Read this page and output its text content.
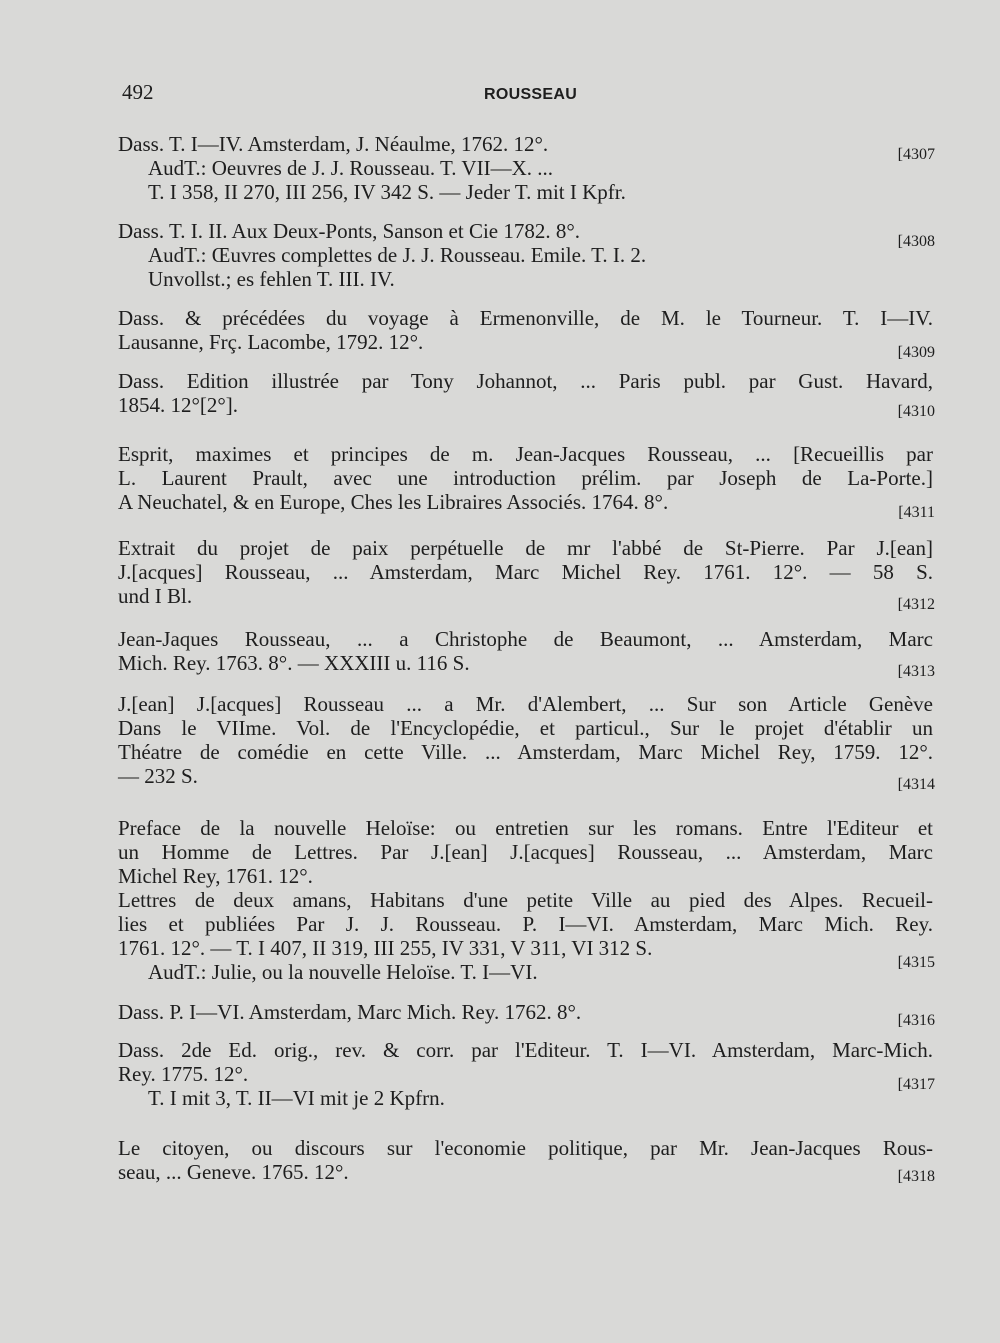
492	ROUSSEAU
Dass. T. I—IV. Amsterdam, J. Néaulme, 1762. 12°.
AudT.: Oeuvres de J. J. Rousseau. T. VII—X. ...
T. I 358, II 270, III 256, IV 342 S. — Jeder T. mit I Kpfr.
[4307
Dass. T. I. II. Aux Deux-Ponts, Sanson et Cie 1782. 8°.
AudT.: Œuvres complettes de J. J. Rousseau. Emile. T. I. 2.
Unvollst.; es fehlen T. III. IV.
[4308
Dass. & précédées du voyage à Ermenonville, de M. le Tourneur. T. I—IV.
Lausanne, Frç. Lacombe, 1792. 12°.	[4309
Dass. Edition illustrée par Tony Johannot, ... Paris publ. par Gust. Havard,
1854. 12°[2°].	[4310
Esprit, maximes et principes de m. Jean-Jacques Rousseau, ... [Recueillis par
L. Laurent Prault, avec une introduction prélim. par Joseph de La-Porte.]
A Neuchatel, & en Europe, Ches les Libraires Associés. 1764. 8°.	[4311
Extrait du projet de paix perpétuelle de mr l'abbé de St-Pierre. Par J.[ean]
J.[acques] Rousseau, ... Amsterdam, Marc Michel Rey. 1761. 12°. — 58 S.
und I Bl.	[4312
Jean-Jaques Rousseau, ... a Christophe de Beaumont, ... Amsterdam, Marc
Mich. Rey. 1763. 8°. — XXXIII u. 116 S.	[4313
J.[ean] J.[acques] Rousseau ... a Mr. d'Alembert, ... Sur son Article Genève
Dans le VIIme. Vol. de l'Encyclopédie, et particul., Sur le projet d'établir un
Théatre de comédie en cette Ville. ... Amsterdam, Marc Michel Rey, 1759. 12°.
— 232 S.	[4314
Preface de la nouvelle Heloïse: ou entretien sur les romans. Entre l'Editeur et
un Homme de Lettres. Par J.[ean] J.[acques] Rousseau, ... Amsterdam, Marc
Michel Rey, 1761. 12°.
Lettres de deux amans, Habitans d'une petite Ville au pied des Alpes. Recueil-
lies et publiées Par J. J. Rousseau. P. I—VI. Amsterdam, Marc Mich. Rey.
1761. 12°. — T. I 407, II 319, III 255, IV 331, V 311, VI 312 S.
AudT.: Julie, ou la nouvelle Heloïse. T. I—VI.	[4315
Dass. P. I—VI. Amsterdam, Marc Mich. Rey. 1762. 8°.	[4316
Dass. 2de Ed. orig., rev. & corr. par l'Editeur. T. I—VI. Amsterdam, Marc-Mich.
Rey. 1775. 12°.
T. I mit 3, T. II—VI mit je 2 Kpfrn.
[4317
Le citoyen, ou discours sur l'economie politique, par Mr. Jean-Jacques Rous-
seau, ... Geneve. 1765. 12°.	[4318
